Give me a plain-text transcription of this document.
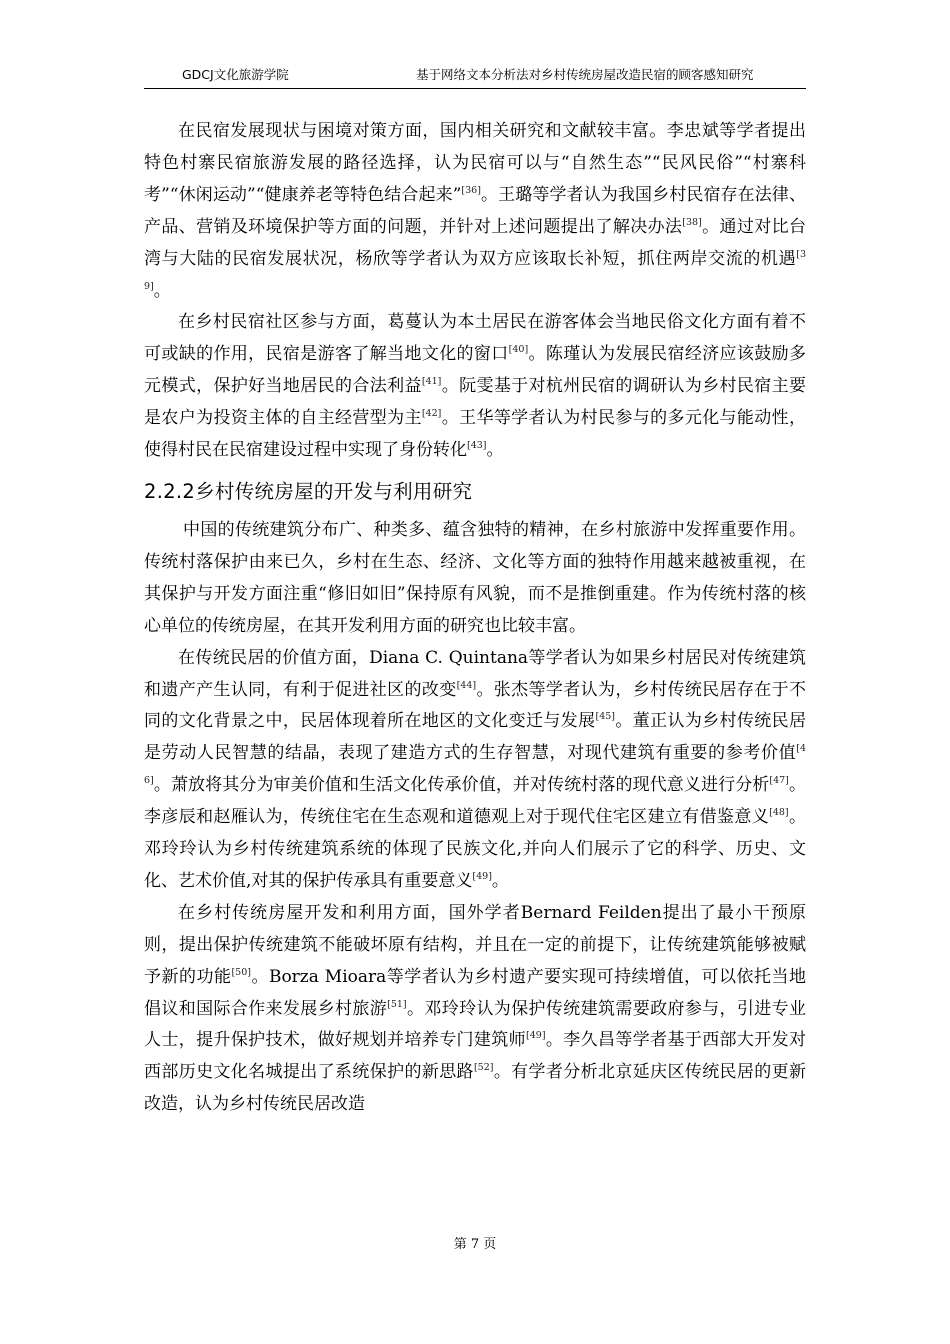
GDCJ文化旅游学院	基于网络文本分析法对乡村传统房屋改造民宿的顾客感知研究

在民宿发展现状与困境对策方面，国内相关研究和文献较丰富。李忠斌等学者提出特色村寨民宿旅游发展的路径选择，认为民宿可以与“自然生态”“民风民俗”“村寨科考”“休闲运动”“健康养老等特色结合起来”[36]。王璐等学者认为我国乡村民宿存在法律、产品、营销及环境保护等方面的问题，并针对上述问题提出了解决办法[38]。通过对比台湾与大陆的民宿发展状况，杨欣等学者认为双方应该取长补短，抓住两岸交流的机遇[39]。

在乡村民宿社区参与方面，葛蔓认为本土居民在游客体会当地民俗文化方面有着不可或缺的作用，民宿是游客了解当地文化的窗口[40]。陈瑾认为发展民宿经济应该鼓励多元模式，保护好当地居民的合法利益[41]。阮雯基于对杭州民宿的调研认为乡村民宿主要是农户为投资主体的自主经营型为主[42]。王华等学者认为村民参与的多元化与能动性，使得村民在民宿建设过程中实现了身份转化[43]。

2.2.2乡村传统房屋的开发与利用研究

中国的传统建筑分布广、种类多、蕴含独特的精神，在乡村旅游中发挥重要作用。传统村落保护由来已久，乡村在生态、经济、文化等方面的独特作用越来越被重视，在其保护与开发方面注重“修旧如旧”保持原有风貌，而不是推倒重建。作为传统村落的核心单位的传统房屋，在其开发利用方面的研究也比较丰富。

在传统民居的价值方面，Diana C. Quintana等学者认为如果乡村居民对传统建筑和遗产产生认同，有利于促进社区的改变[44]。张杰等学者认为，乡村传统民居存在于不同的文化背景之中，民居体现着所在地区的文化变迁与发展[45]。董正认为乡村传统民居是劳动人民智慧的结晶，表现了建造方式的生存智慧，对现代建筑有重要的参考价值[46]。萧放将其分为审美价值和生活文化传承价值，并对传统村落的现代意义进行分析[47]。李彦辰和赵雁认为，传统住宅在生态观和道德观上对于现代住宅区建立有借鉴意义[48]。邓玲玲认为乡村传统建筑系统的体现了民族文化,并向人们展示了它的科学、历史、文化、艺术价值,对其的保护传承具有重要意义[49]。

在乡村传统房屋开发和利用方面，国外学者Bernard Feilden提出了最小干预原则，提出保护传统建筑不能破坏原有结构，并且在一定的前提下，让传统建筑能够被赋予新的功能[50]。Borza Mioara等学者认为乡村遗产要实现可持续增值，可以依托当地倡议和国际合作来发展乡村旅游[51]。邓玲玲认为保护传统建筑需要政府参与，引进专业人士，提升保护技术，做好规划并培养专门建筑师[49]。李久昌等学者基于西部大开发对西部历史文化名城提出了系统保护的新思路[52]。有学者分析北京延庆区传统民居的更新改造，认为乡村传统民居改造

第 7 页
